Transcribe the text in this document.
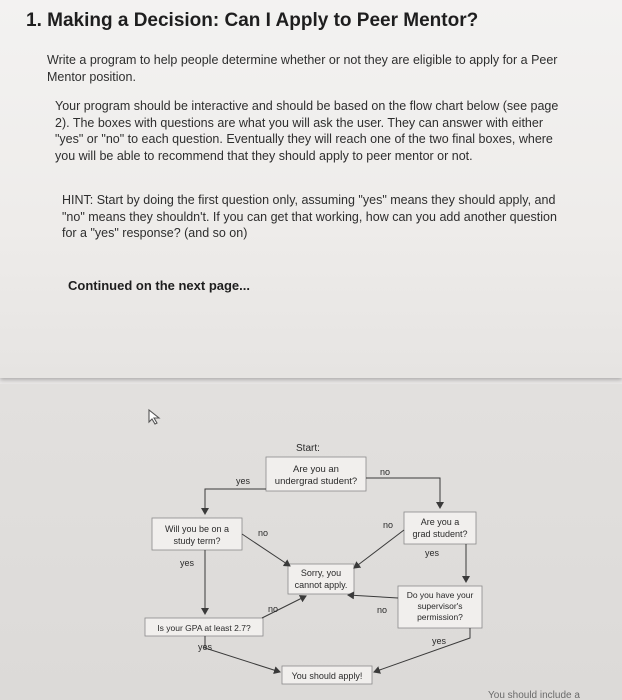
1. Making a Decision: Can I Apply to Peer Mentor?
Write a program to help people determine whether or not they are eligible to apply for a Peer Mentor position.
Your program should be interactive and should be based on the flow chart below (see page 2). The boxes with questions are what you will ask the user. They can answer with either "yes" or "no" to each question. Eventually they will reach one of the two final boxes, where you will be able to recommend that they should apply to peer mentor or not.
HINT: Start by doing the first question only, assuming "yes" means they should apply, and "no" means they shouldn't. If you can get that working, how can you add another question for a "yes" response? (and so on)
Continued on the next page...
Start:
Are you an
undergrad student?
Will you be on a
study term?
Are you a
grad student?
Sorry, you
cannot apply.
Do you have your
supervisor's
permission?
Is your GPA at least 2.7?
You should apply!
yes
no
no
no
yes
yes
no	no
yes
yes
You should include a
